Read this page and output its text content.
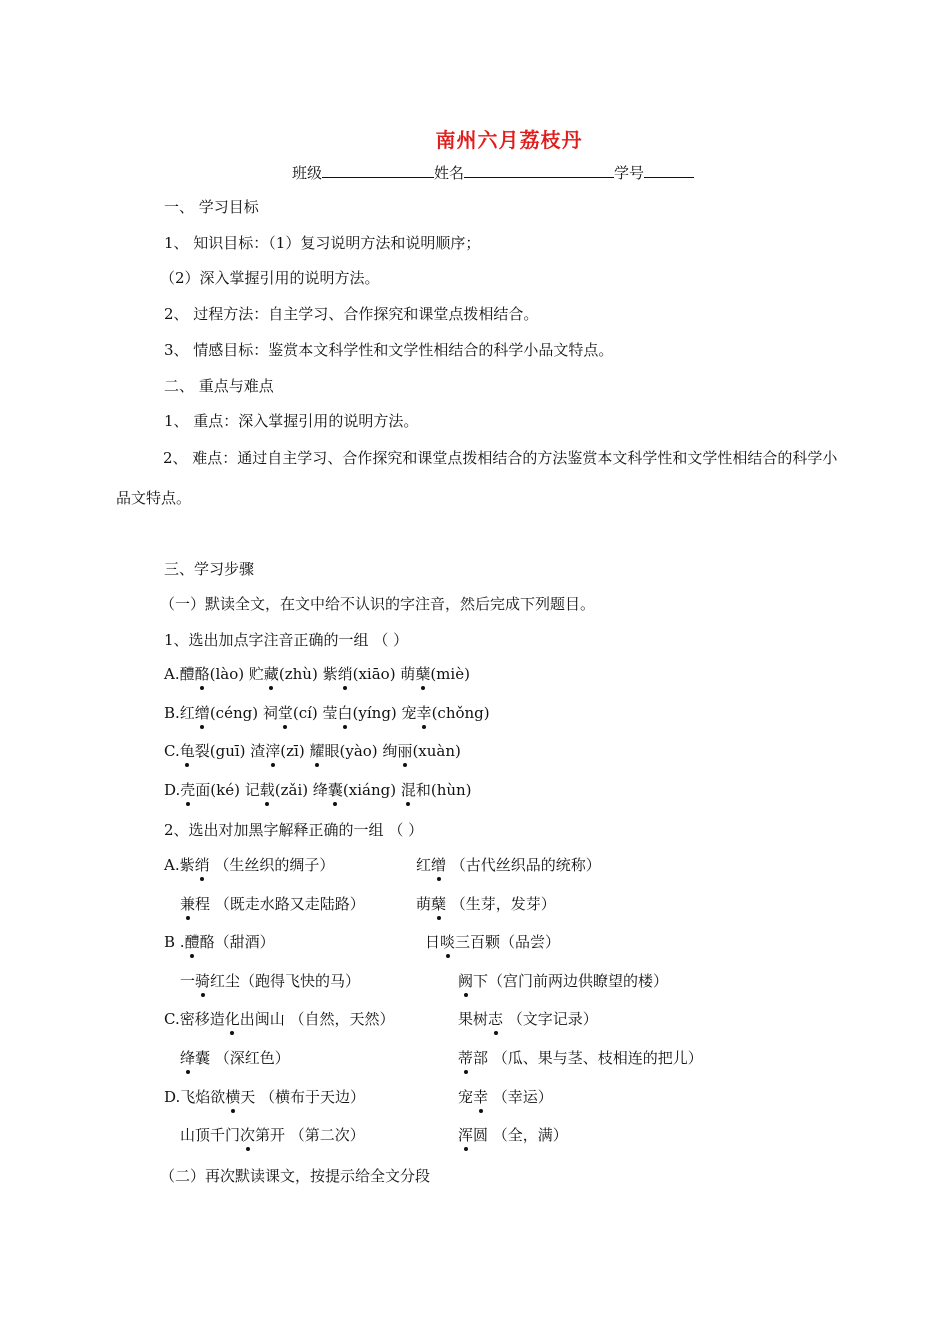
南州六月荔枝丹
班级	姓名	学号
一、 学习目标
1、 知识目标：（1）复习说明方法和说明顺序；
（2）深入掌握引用的说明方法。
2、 过程方法：自主学习、合作探究和课堂点拨相结合。
3、 情感目标：鉴赏本文科学性和文学性相结合的科学小品文特点。
二、 重点与难点
1、 重点：深入掌握引用的说明方法。
2、 难点：通过自主学习、合作探究和课堂点拨相结合的方法鉴赏本文科学性和文学性相结合的科学小品文特点。
三、学习步骤
（一）默读全文，在文中给不认识的字注音，然后完成下列题目。
1、选出加点字注音正确的一组 （ ）
A.醴酪(lào) 贮藏(zhù) 紫绡(xiāo) 萌蘖(miè)
B.红缯(céng) 祠堂(cí) 莹白(yíng) 宠幸(chǒng)
C.龟裂(guī) 渣滓(zī) 耀眼(yào) 绚丽(xuàn)
D.壳面(ké) 记载(zǎi) 绛囊(xiáng) 混和(hùn)
2、选出对加黑字解释正确的一组 （ ）
A.紫绡 （生丝织的绸子）	红缯 （古代丝织品的统称）
兼程 （既走水路又走陆路）	萌蘖 （生芽，发芽）
B .醴酪（甜酒）	日啖三百颗（品尝）
一骑红尘（跑得飞快的马）	阙下（宫门前两边供瞭望的楼）
C.密移造化出闽山 （自然，天然）	果树志 （文字记录）
绛囊 （深红色）	蒂部 （瓜、果与茎、枝相连的把儿）
D.飞焰欲横天 （横布于天边）	宠幸 （幸运）
山顶千门次第开 （第二次）	浑圆 （全，满）
（二）再次默读课文，按提示给全文分段
